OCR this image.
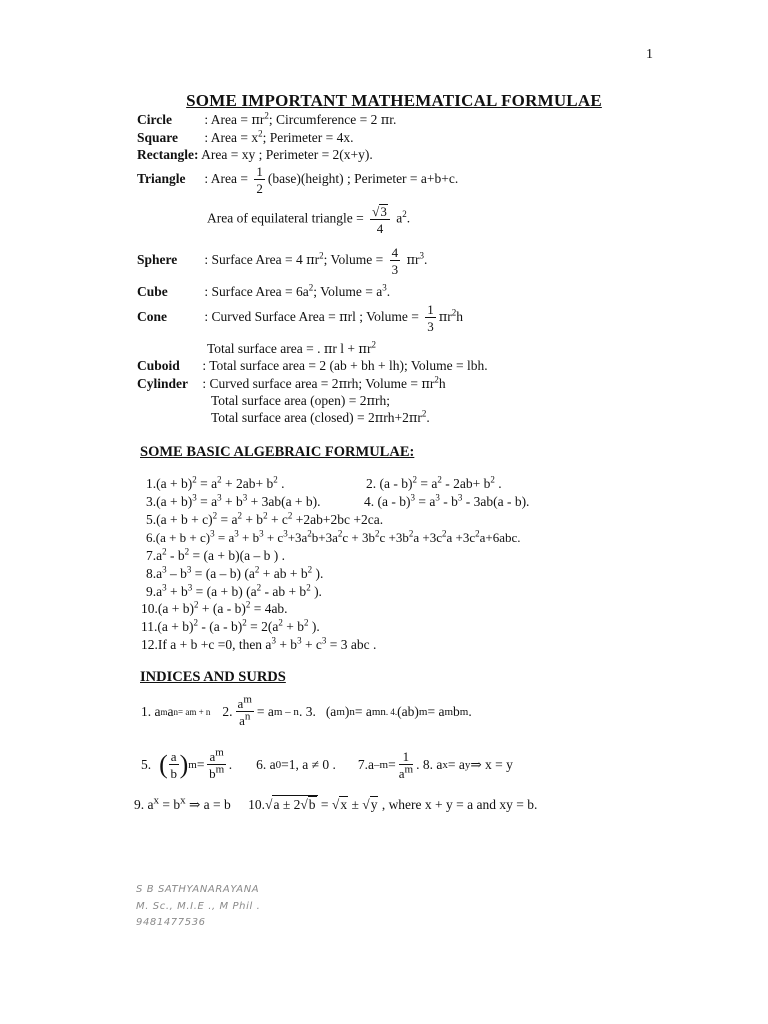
1
SOME IMPORTANT MATHEMATICAL FORMULAE
Circle : Area = $\pi r^2$; Circumference = 2 πr.
Square : Area = $x^2$; Perimeter = 4x.
Rectangle: Area = xy ; Perimeter = 2(x+y).
Triangle : Area = $\frac{1}{2}$ (base)(height) ; Perimeter = a+b+c.
Area of equilateral triangle = $\frac{√3}{4} a^2$.
Sphere : Surface Area = 4 $\pi r^2$; Volume = $\frac{4}{3} \pi r^3$.
Cube	: Surface Area = $6a^2$; Volume = $a^3$.
Cone	: Curved Surface Area = πrl ; Volume = $\frac{1}{3} \pi r^2h$
Total surface area = . πr $l + \pi r^2$
Cuboid : Total surface area = 2 (ab + bh + lh); Volume = lbh.
Cylinder : Curved surface area = 2πrh; Volume = $\pi r^2h$
Total surface area (open) = 2πrh;
Total surface area (closed) = $2\pi rh+2\pi r^2$.
SOME BASIC ALGEBRAIC FORMULAE:
$1.(a + b)^2 = a^2 + 2ab+ b^2$ .	2. $(a - b)^2 = a^2 - 2ab+ b^2$ .
$3.(a + b)^3 = a^3 + b^3 + 3ab(a + b)$.	4. $(a - b)^3 = a^3 - b^3 - 3ab(a - b)$.
$5.(a + b + c)^2 = a^2 + b^2 + c^2 +2ab+2bc +2ca$.
$6.(a + b + c)^3 = a^3 + b^3 + c^3+3a^2b+3a^2c + 3b^2c +3b^2a +3c^2a +3c^2a+6abc$.
$7.a^2 - b^2 = (a + b)(a - b$ ) .
$8.a^3 - b^3 = (a - b) (a^2$ + ab + $b^2$ ).
$9.a^3 + b^3 = (a + b)$ ($a^2$ - ab + $b^2$ ).
$10.(a + b)^2 + (a - b)^2 = 4ab$.
$11.(a + b)^2 - (a - b)^2 = 2(a^2 + b^2$ ).
12.If a + b +c =0, then $a^3 + b^3 + c^3 = 3$ abc .
INDICES AND SURDS
1. a m a n = a m + n 2. $\frac{a^m}{a^n} = a$ m – n . 3. (a m ) n = a mn . 4. (ab) m = a m b m .
5. ( $\frac{a}{b}$ ) $m = \frac{a^m}{b^m}$ . 6. a 0 =1, a ≠ 0 . 7. a $-m = \frac{1}{a^m}$ . 8. a x = a y ⇒ x = y
9. $a^x = b^x$ ⇒ a = b 10.√a ± 2√b = √x ± √y , where x + y = a and xy = b.
S B SATHYANARAYANA
M. Sc., M.I.E ., M Phil .
9481477536
